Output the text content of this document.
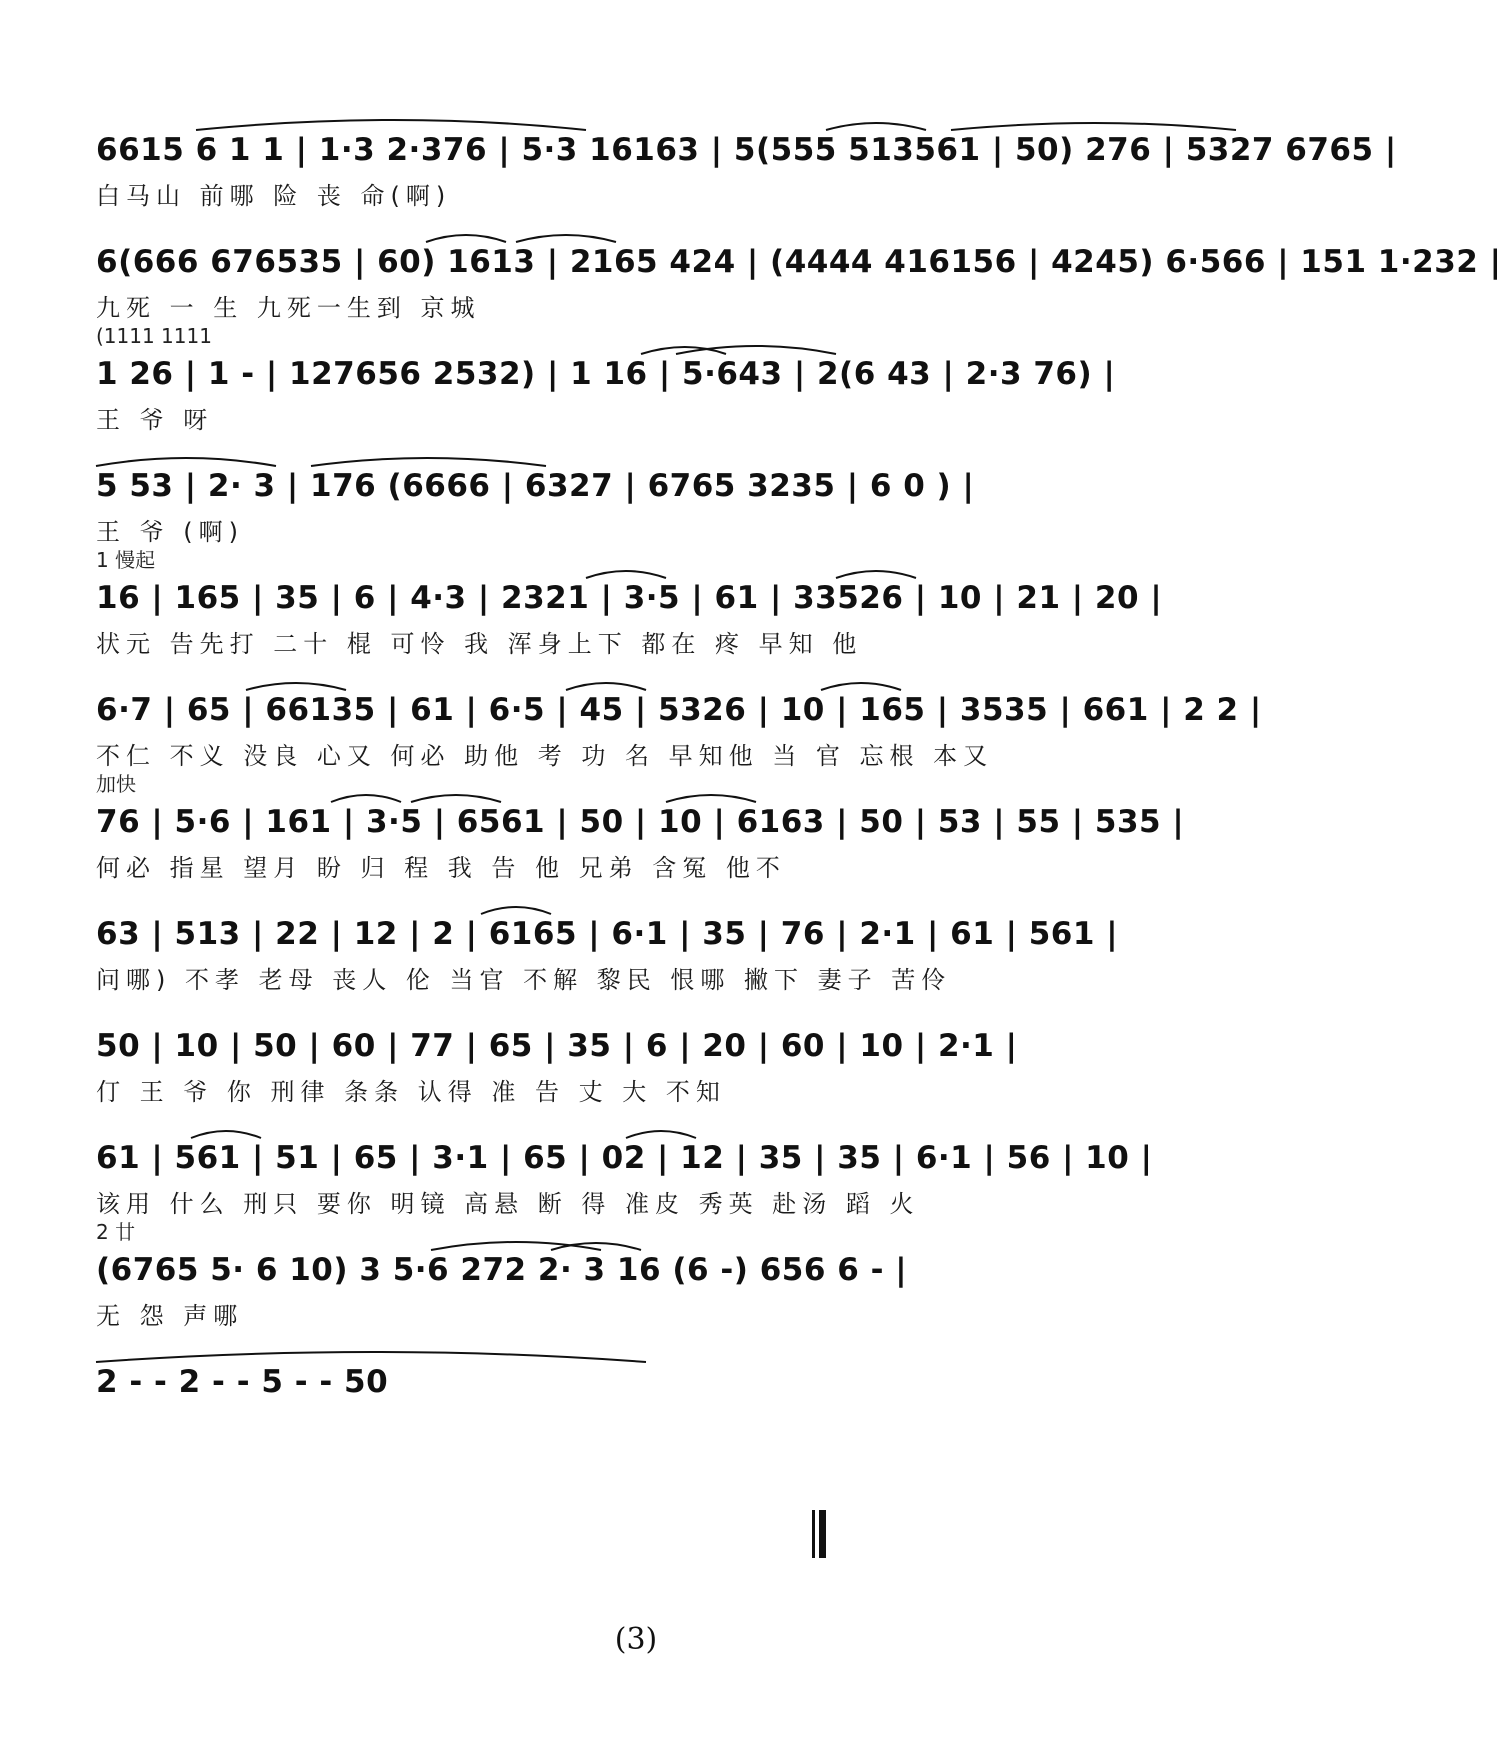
6615 6 1 1 | 1·3 2·376 | 5·3 16163 | 5(555 513561 | 50) 276 | 5327 6765 |
白马山 前哪 险 丧 命(啊)
6(666 676535 | 60) 1613 | 2165 424 | (4444 416156 | 4245) 6·566 | 151 1·232 |
九死 一 生 九死一生到 京城
(1111 1111
1 26 | 1 - | 127656 2532) | 1 16 | 5·643 | 2(6 43 | 2·3 76) |
王 爷 呀
5 53 | 2· 3 | 176 (6666 | 6327 | 6765 3235 | 6 0 ) |
王 爷 (啊)
1 慢起
16 | 165 | 35 | 6 | 4·3 | 2321 | 3·5 | 61 | 33526 | 10 | 21 | 20 |
状元 告先打 二十 棍 可怜 我 浑身上下 都在 疼 早知 他
6·7 | 65 | 66135 | 61 | 6·5 | 45 | 5326 | 10 | 165 | 3535 | 661 | 2 2 |
不仁 不义 没良 心又 何必 助他 考 功 名 早知他 当 官 忘根 本又
加快
76 | 5·6 | 161 | 3·5 | 6561 | 50 | 10 | 6163 | 50 | 53 | 55 | 535 |
何必 指星 望月 盼 归 程 我 告 他 兄弟 含冤 他不
63 | 513 | 22 | 12 | 2 | 6165 | 6·1 | 35 | 76 | 2·1 | 61 | 561 |
问哪) 不孝 老母 丧人 伦 当官 不解 黎民 恨哪 撇下 妻子 苦伶
50 | 10 | 50 | 60 | 77 | 65 | 35 | 6 | 20 | 60 | 10 | 2·1 |
仃 王 爷 你 刑律 条条 认得 准 告 丈 大 不知
61 | 561 | 51 | 65 | 3·1 | 65 | 02 | 12 | 35 | 35 | 6·1 | 56 | 10 |
该用 什么 刑只 要你 明镜 高悬 断 得 准皮 秀英 赴汤 蹈 火
2 廿
(6765 5· 6 10) 3 5·6 272 2· 3 16 (6 -) 656 6 - |
无 怨 声哪
2 - - 2 - - 5 - - 50
(3)
